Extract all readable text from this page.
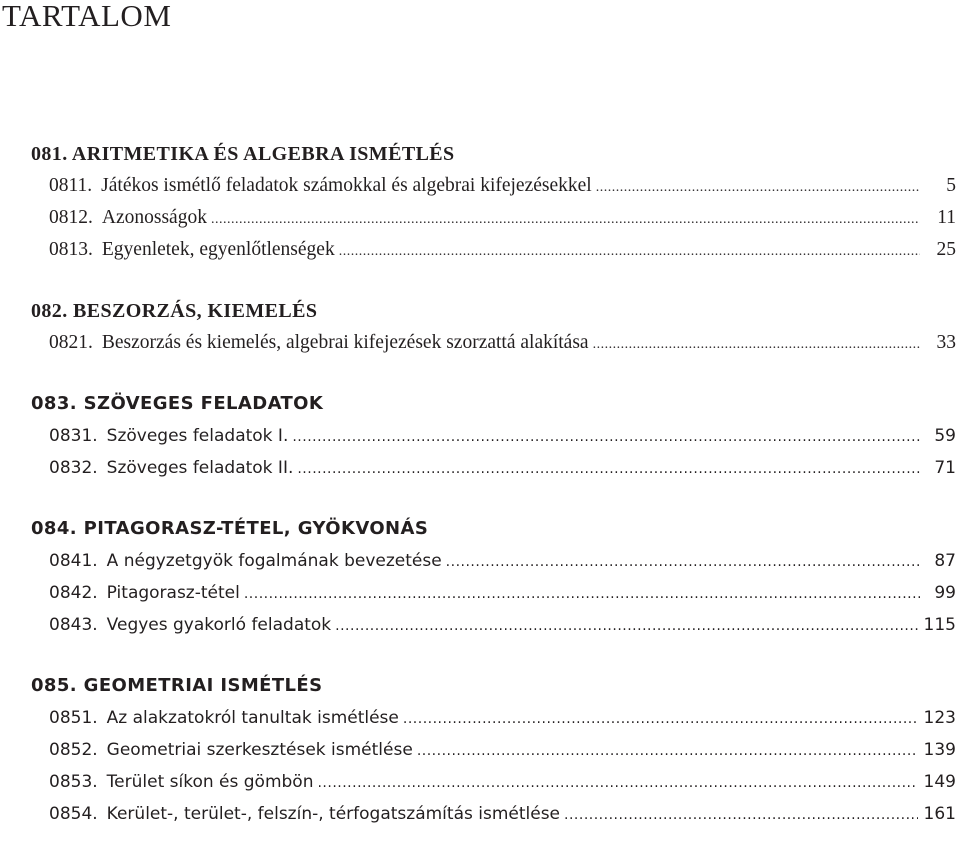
TARTALOM
081. ARITMETIKA ÉS ALGEBRA ISMÉTLÉS
0811. Játékos ismétlő feladatok számokkal és algebrai kifejezésekkel .....	5
0812. Azonosságok .....	11
0813. Egyenletek, egyenlőtlenségek .....	25
082. BESZORZÁS, KIEMELÉS
0821. Beszorzás és kiemelés, algebrai kifejezések szorzattá alakítása .....	33
083. SZÖVEGES FELADATOK
0831. Szöveges feladatok I. .....	59
0832. Szöveges feladatok II. .....	71
084. PITAGORASZ-TÉTEL, GYÖKVONÁS
0841. A négyzetgyök fogalmának bevezetése .....	87
0842. Pitagorasz-tétel .....	99
0843. Vegyes gyakorló feladatok .....	115
085. GEOMETRIAI ISMÉTLÉS
0851. Az alakzatokról tanultak ismétlése .....	123
0852. Geometriai szerkesztések ismétlése .....	139
0853. Terület síkon és gömbön .....	149
0854. Kerület-, terület-, felszín-, térfogatszámítás ismétlése .....	161
